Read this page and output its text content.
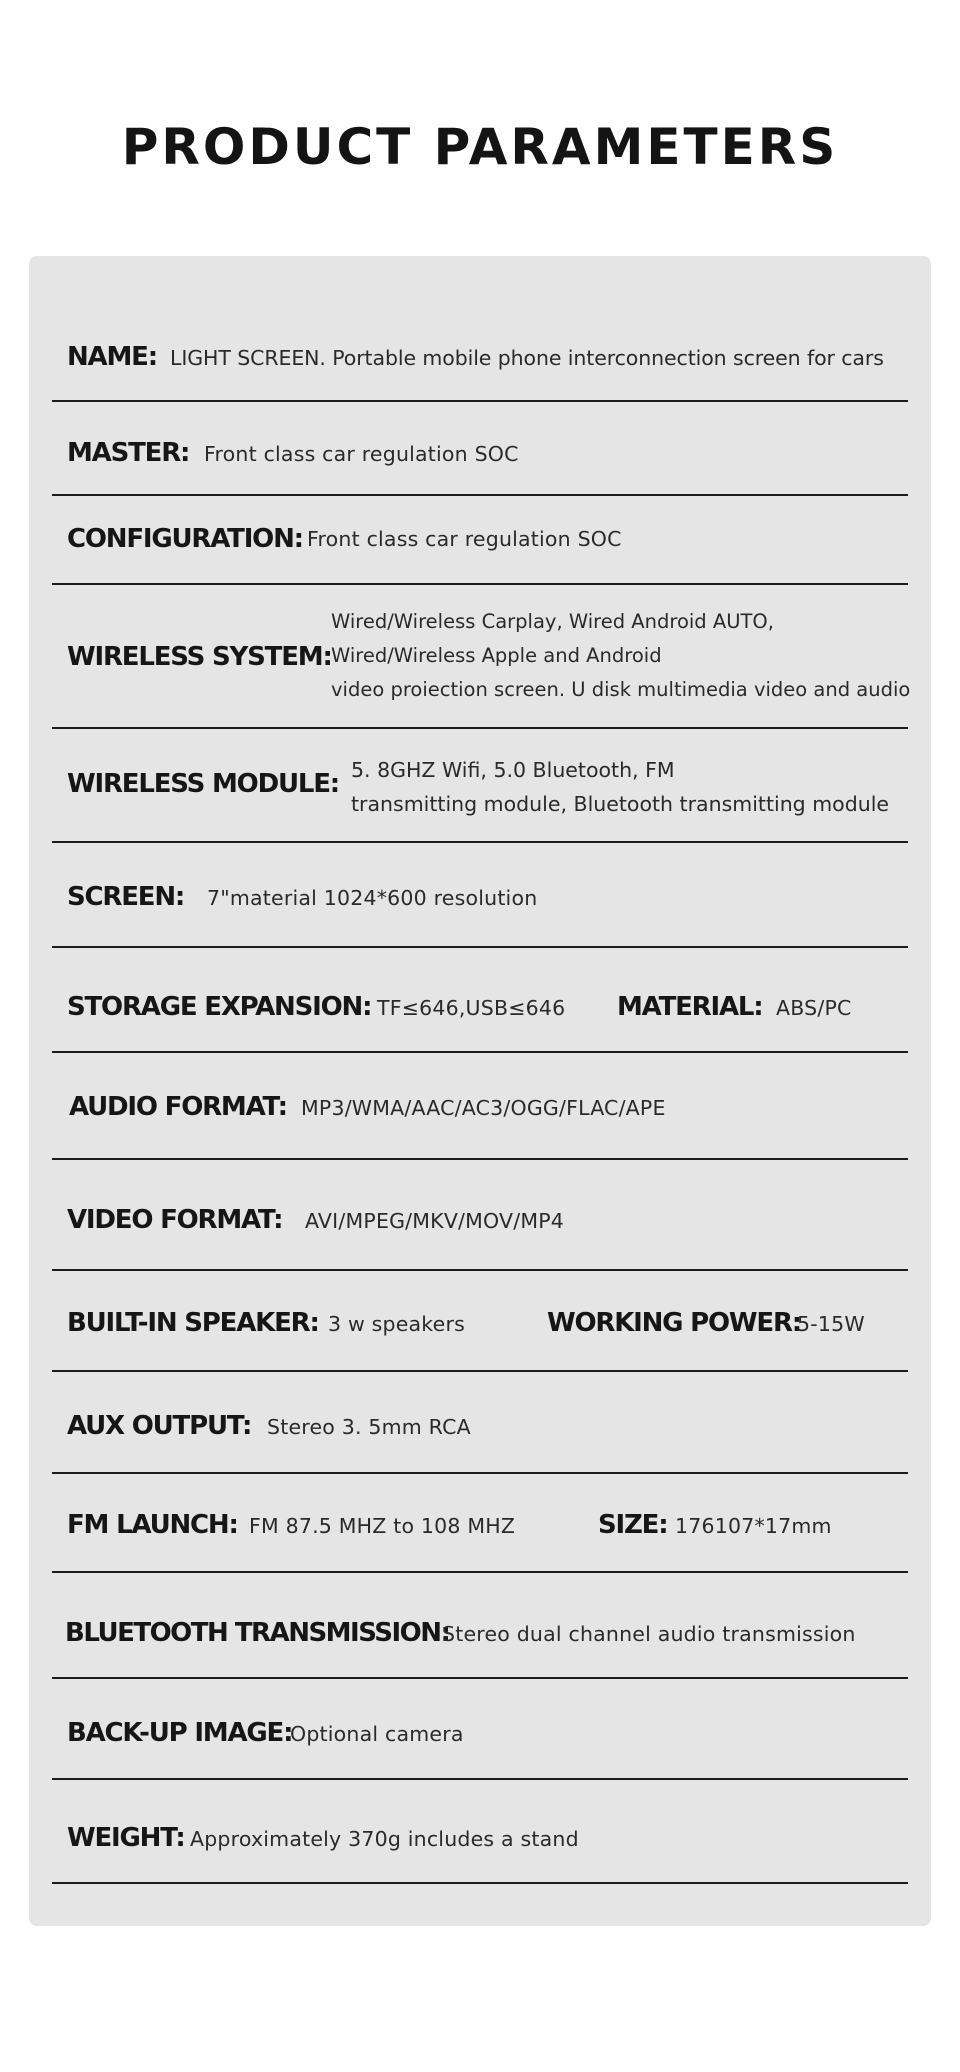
PRODUCT PARAMETERS
NAME: LIGHT SCREEN. Portable mobile phone interconnection screen for cars
MASTER: Front class car regulation SOC
CONFIGURATION: Front class car regulation SOC
WIRELESS SYSTEM:
Wired/Wireless Carplay, Wired Android AUTO,
Wired/Wireless Apple and Android
video proiection screen. U disk multimedia video and audio
WIRELESS MODULE: 5. 8GHZ Wifi, 5.0 Bluetooth, FM
transmitting module, Bluetooth transmitting module
SCREEN: 7"material 1024*600 resolution
STORAGE EXPANSION: TF≤646,USB≤646 MATERIAL: ABS/PC
AUDIO FORMAT: MP3/WMA/AAC/AC3/OGG/FLAC/APE
VIDEO FORMAT: AVI/MPEG/MKV/MOV/MP4
BUILT-IN SPEAKER: 3 w speakers	WORKING POWER:
5-15W
AUX OUTPUT: Stereo 3. 5mm RCA
FM LAUNCH: FM 87.5 MHZ to 108 MHZ	SIZE: 176107*17mm
BLUETOOTH TRANSMISSION:
Stereo dual channel audio transmission
BACK-UP IMAGE:
Optional camera
WEIGHT: Approximately 370g includes a stand
